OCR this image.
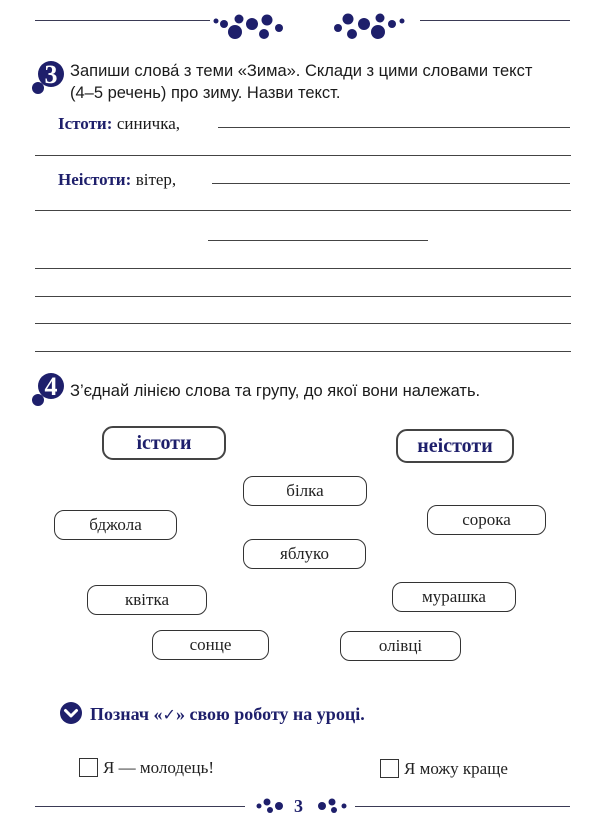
3 Запиши слова́ з теми «Зима». Склади з цими словами текст
(4–5 речень) про зиму. Назви текст.
Істоти: синичка,
Неістоти: вітер,
4 З’єднай лінією слова та групу, до якої вони належать.
істоти	неістоти
білка
бджола	сорока
яблуко
квітка	мурашка
сонце	олівці
Познач «✓» свою роботу на уроці.
Я — молодець!	Я можу краще
3
